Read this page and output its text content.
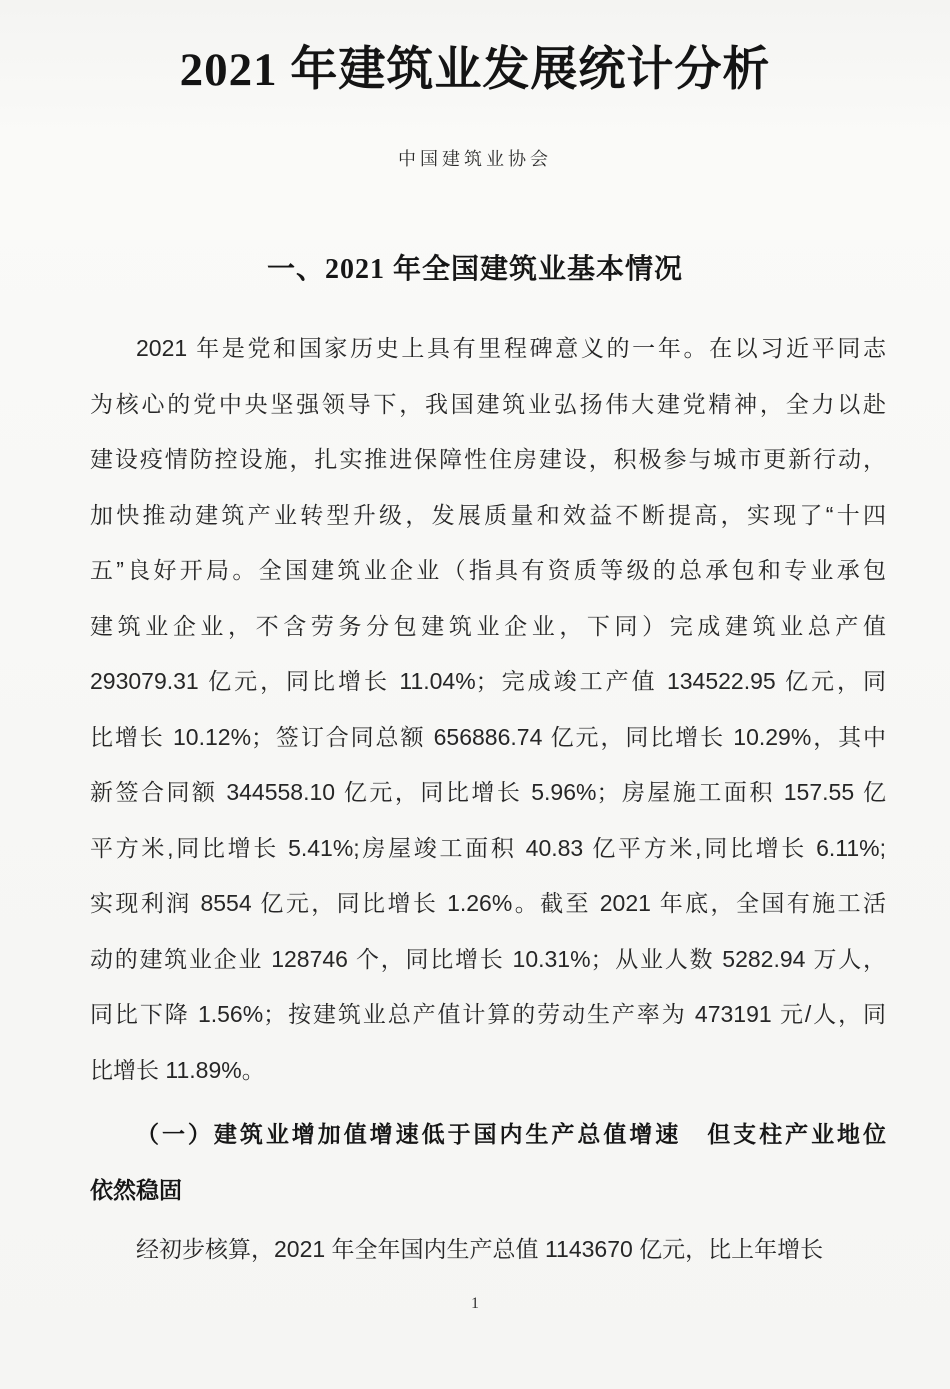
2021 年建筑业发展统计分析
中国建筑业协会
一、2021 年全国建筑业基本情况
2021 年是党和国家历史上具有里程碑意义的一年。在以习近平同志
为核心的党中央坚强领导下，我国建筑业弘扬伟大建党精神，全力以赴
建设疫情防控设施，扎实推进保障性住房建设，积极参与城市更新行动，
加快推动建筑产业转型升级，发展质量和效益不断提高，实现了“十四
五”良好开局。全国建筑业企业（指具有资质等级的总承包和专业承包
建筑业企业，不含劳务分包建筑业企业，下同）完成建筑业总产值
293079.31 亿元，同比增长 11.04%；完成竣工产值 134522.95 亿元，同
比增长 10.12%；签订合同总额 656886.74 亿元，同比增长 10.29%，其中
新签合同额 344558.10 亿元，同比增长 5.96%；房屋施工面积 157.55 亿
平方米,同比增长 5.41%;房屋竣工面积 40.83 亿平方米,同比增长 6.11%;
实现利润 8554 亿元，同比增长 1.26%。截至 2021 年底，全国有施工活
动的建筑业企业 128746 个，同比增长 10.31%；从业人数 5282.94 万人，
同比下降 1.56%；按建筑业总产值计算的劳动生产率为 473191 元/人，同
比增长 11.89%。
（一）建筑业增加值增速低于国内生产总值增速　但支柱产业地位
依然稳固
经初步核算，2021 年全年国内生产总值 1143670 亿元，比上年增长
1
